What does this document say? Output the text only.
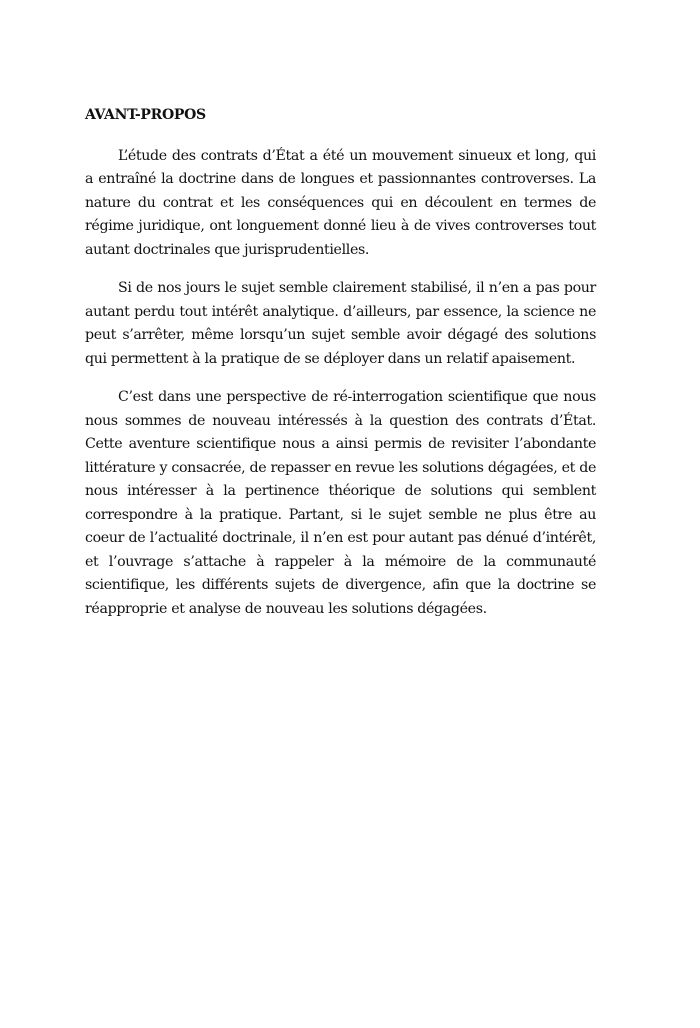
AVANT-PROPOS

L’étude des contrats d’État a été un mouvement sinueux et long, qui a entraîné la doctrine dans de longues et passionnantes controverses. La nature du contrat et les conséquences qui en découlent en termes de régime juridique, ont longuement donné lieu à de vives controverses tout autant doctrinales que jurisprudentielles.

Si de nos jours le sujet semble clairement stabilisé, il n’en a pas pour autant perdu tout intérêt analytique. d’ailleurs, par essence, la science ne peut s’arrêter, même lorsqu’un sujet semble avoir dégagé des solutions qui permettent à la pratique de se déployer dans un relatif apaisement.

C’est dans une perspective de ré-interrogation scientifique que nous nous sommes de nouveau intéressés à la question des contrats d’État. Cette aventure scientifique nous a ainsi permis de revisiter l’abondante littérature y consacrée, de repasser en revue les solutions dégagées, et de nous intéresser à la pertinence théorique de solutions qui semblent correspondre à la pratique. Partant, si le sujet semble ne plus être au coeur de l’actualité doctrinale, il n’en est pour autant pas dénué d’intérêt, et l’ouvrage s’attache à rappeler à la mémoire de la communauté scientifique, les différents sujets de divergence, afin que la doctrine se réapproprie et analyse de nouveau les solutions dégagées.
